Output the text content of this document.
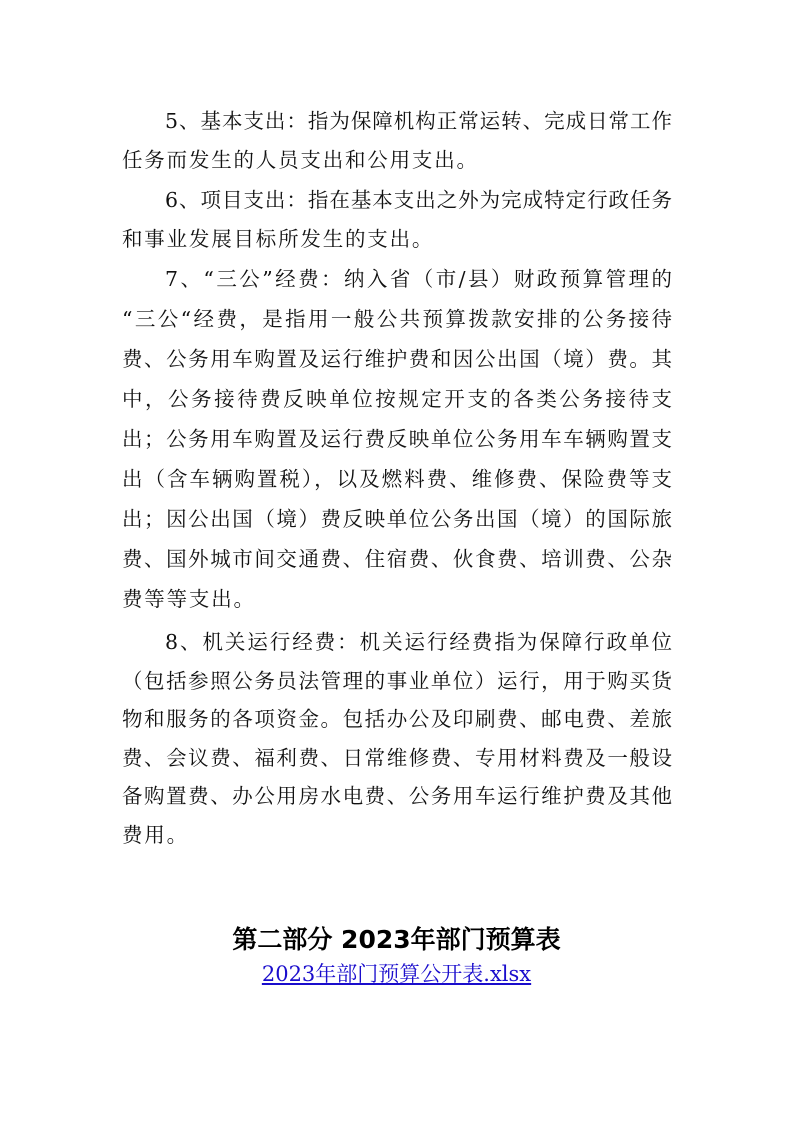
5、基本支出：指为保障机构正常运转、完成日常工作
任务而发生的人员支出和公用支出。
6、项目支出：指在基本支出之外为完成特定行政任务
和事业发展目标所发生的支出。
7、“三公”经费：纳入省（市/县）财政预算管理的
“三公“经费，是指用一般公共预算拨款安排的公务接待
费、公务用车购置及运行维护费和因公出国（境）费。其
中，公务接待费反映单位按规定开支的各类公务接待支
出；公务用车购置及运行费反映单位公务用车车辆购置支
出（含车辆购置税），以及燃料费、维修费、保险费等支
出；因公出国（境）费反映单位公务出国（境）的国际旅
费、国外城市间交通费、住宿费、伙食费、培训费、公杂
费等等支出。
8、机关运行经费：机关运行经费指为保障行政单位
（包括参照公务员法管理的事业单位）运行，用于购买货
物和服务的各项资金。包括办公及印刷费、邮电费、差旅
费、会议费、福利费、日常维修费、专用材料费及一般设
备购置费、办公用房水电费、公务用车运行维护费及其他
费用。
第二部分 2023年部门预算表
2023年部门预算公开表.xlsx
